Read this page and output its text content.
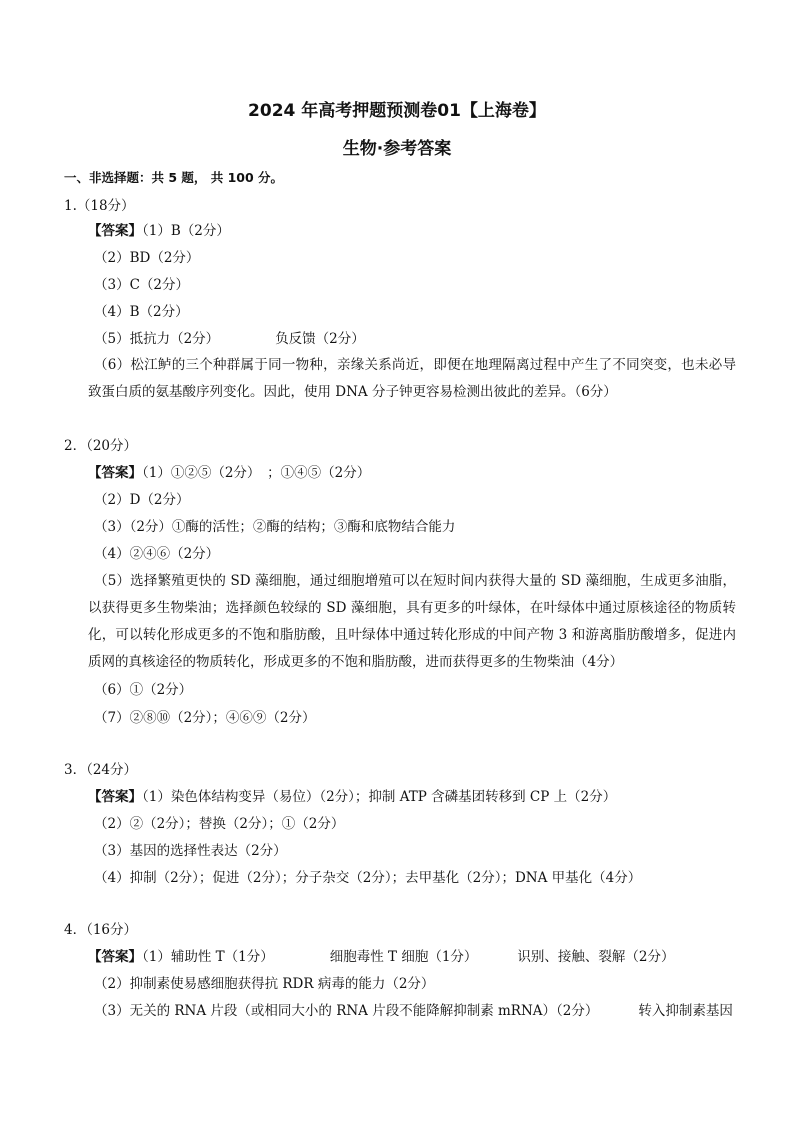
2024 年高考押题预测卷01【上海卷】
生物·参考答案
一、非选择题：共 5 题， 共 100 分。
1.（18分）
【答案】（1）B（2分）
（2）BD（2分）
（3）C（2分）
（4）B（2分）
（5）抵抗力（2分）	负反馈（2分）
（6）松江鲈的三个种群属于同一物种，亲缘关系尚近，即便在地理隔离过程中产生了不同突变，也未必导致蛋白质的氨基酸序列变化。因此，使用 DNA 分子钟更容易检测出彼此的差异。（6分）
2．（20分）
【答案】（1）①②⑤（2分）　；①④⑤（2分）
（2）D（2分）
（3）（2分）①酶的活性；②酶的结构；③酶和底物结合能力
（4）②④⑥（2分）
（5）选择繁殖更快的 SD 藻细胞，通过细胞增殖可以在短时间内获得大量的 SD 藻细胞，生成更多油脂，以获得更多生物柴油；选择颜色较绿的 SD 藻细胞，具有更多的叶绿体，在叶绿体中通过原核途径的物质转化，可以转化形成更多的不饱和脂肪酸，且叶绿体中通过转化形成的中间产物 3 和游离脂肪酸增多，促进内质网的真核途径的物质转化，形成更多的不饱和脂肪酸，进而获得更多的生物柴油（4分）
（6）①（2分）
（7）②⑧⑩（2分）；④⑥⑨（2分）
3．（24分）
【答案】（1）染色体结构变异（易位）（2分）；抑制 ATP 含磷基团转移到 CP 上（2分）
（2）②（2分）；替换（2分）；①（2分）
（3）基因的选择性表达（2分）
（4）抑制（2分）；促进（2分）；分子杂交（2分）；去甲基化（2分）；DNA 甲基化（4分）
4．（16分）
【答案】（1）辅助性 T（1分）	细胞毒性 T 细胞（1分）	识别、接触、裂解（2分）
（2）抑制素使易感细胞获得抗 RDR 病毒的能力（2分）
（3）无关的 RNA 片段（或相同大小的 RNA 片段不能降解抑制素 mRNA）（2分）	转入抑制素基因
